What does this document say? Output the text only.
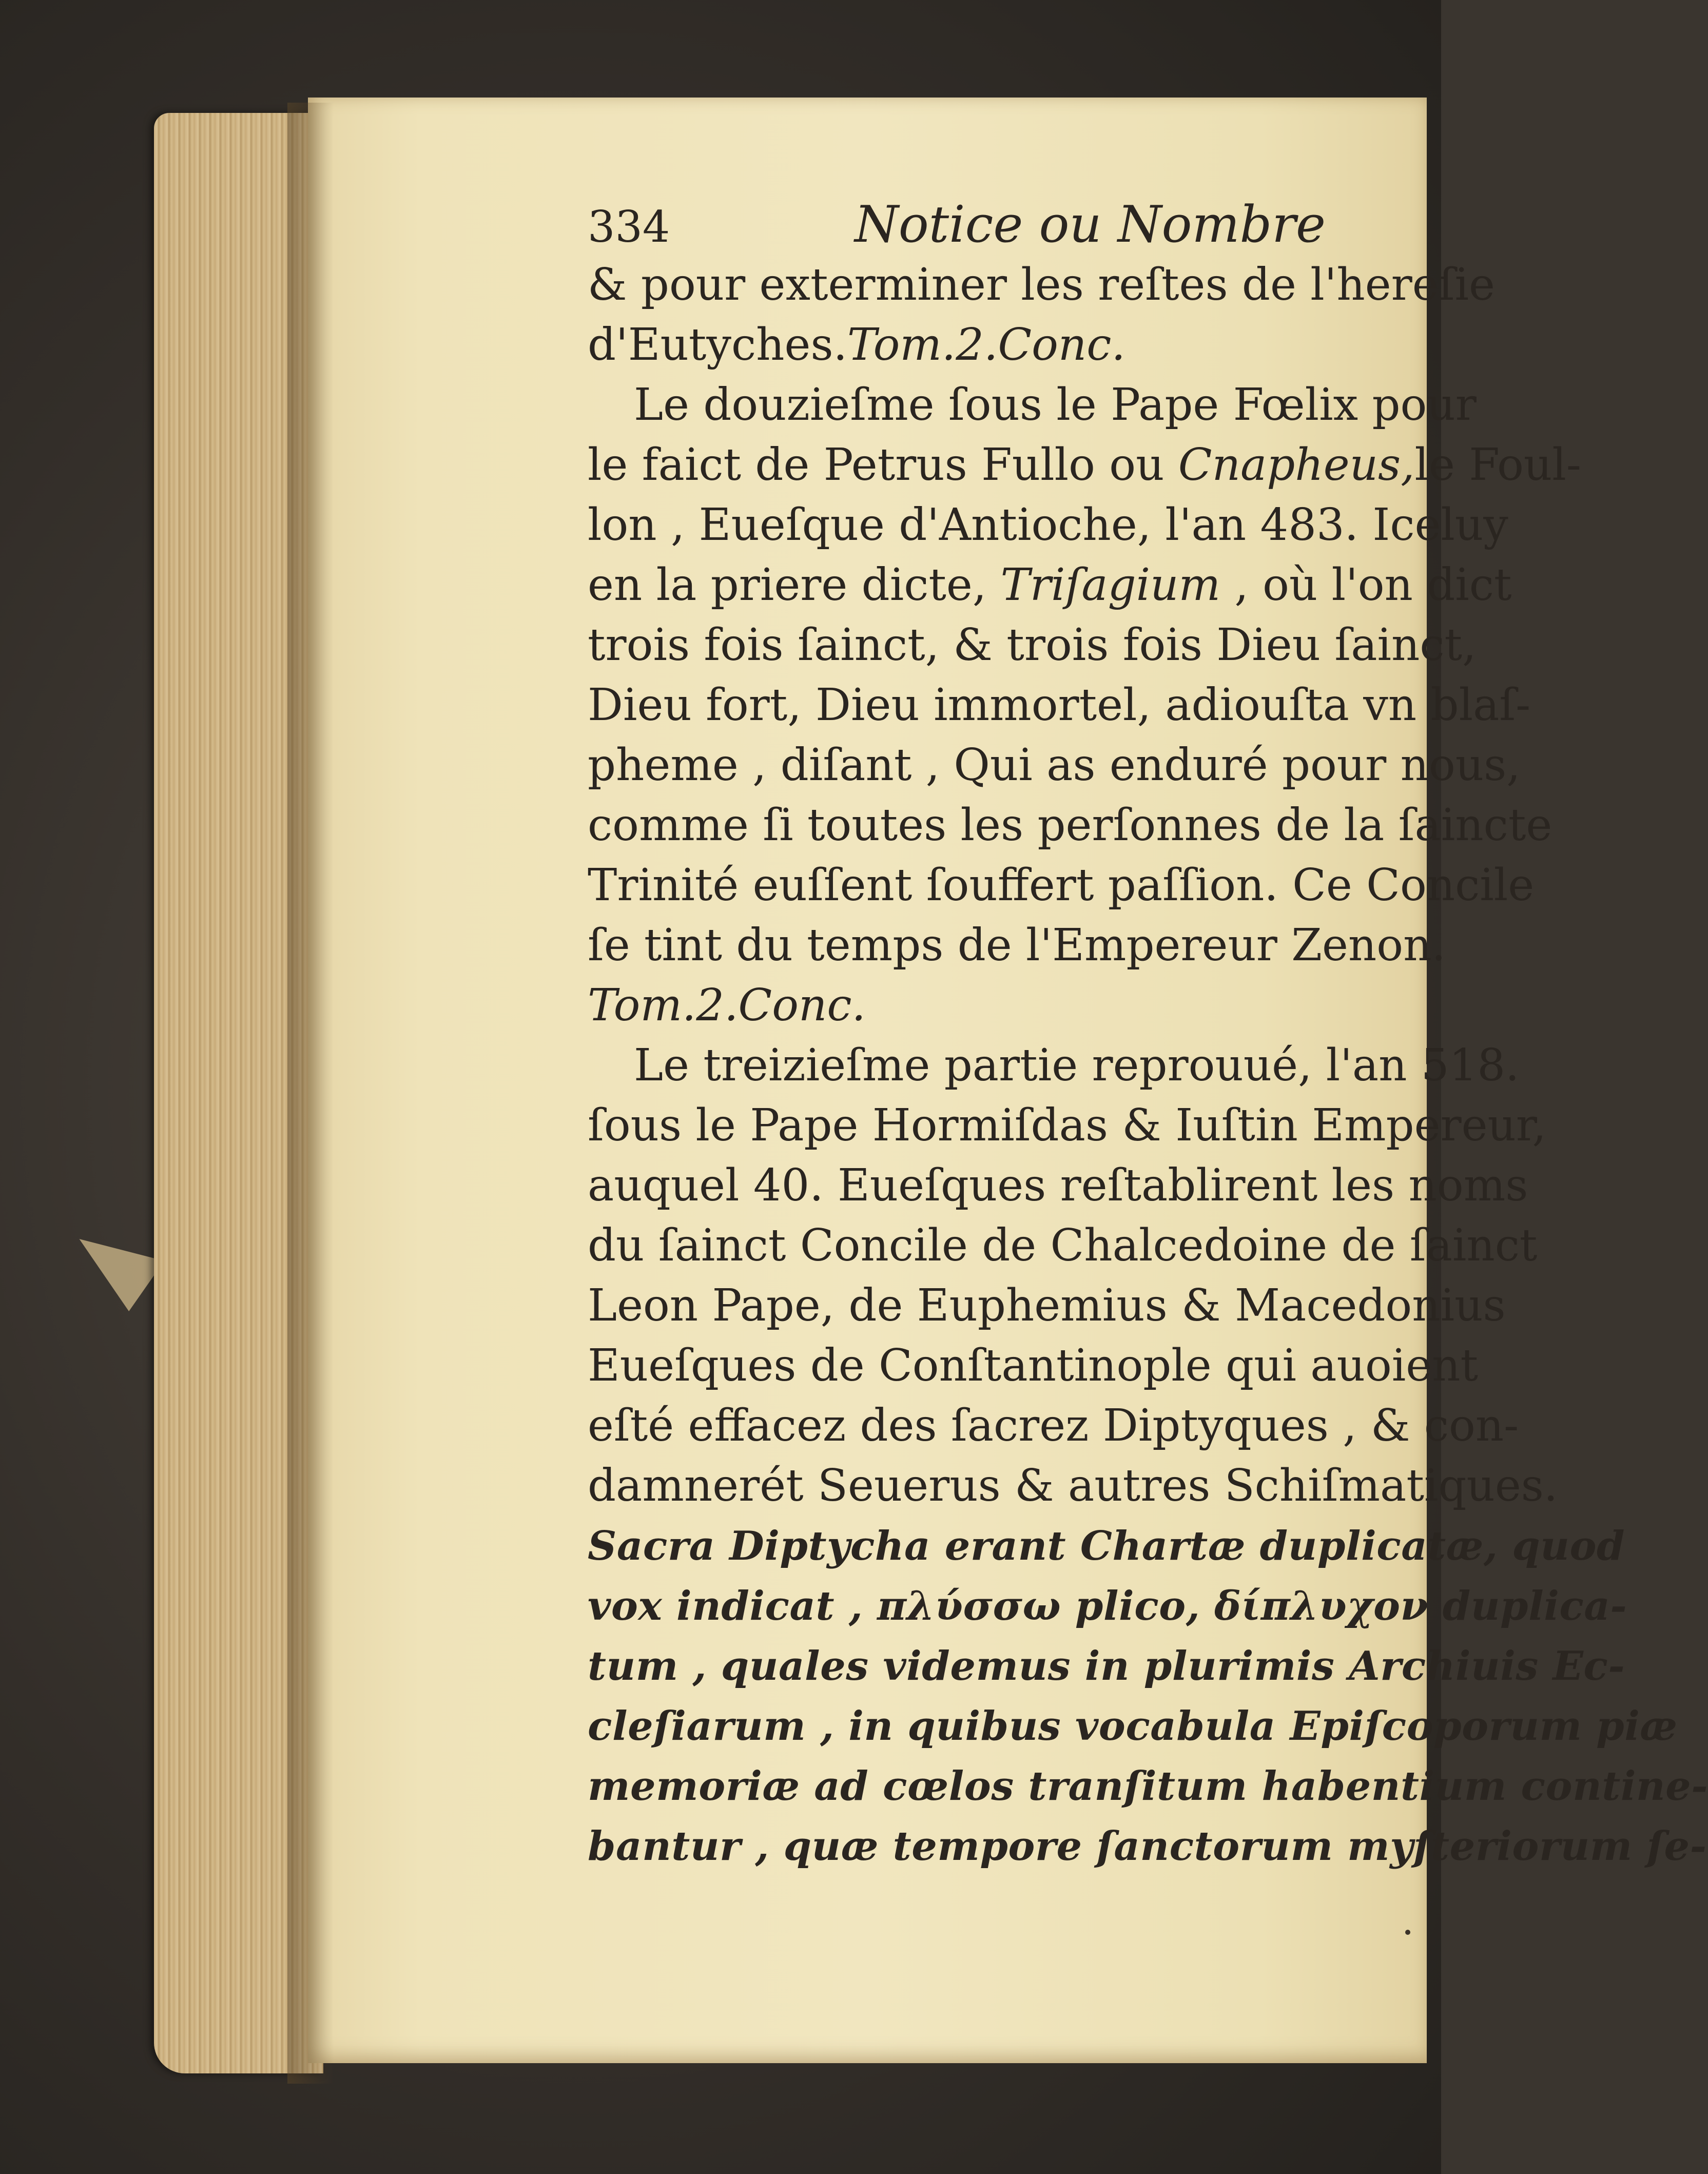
334	Notice ou Nombre
& pour exterminer les reſtes de l'hereſie
d'Eutyches.Tom.2.Conc.
Le douzieſme ſous le Pape Fœlix pour
le faict de Petrus Fullo ou Cnapheus,le Foul-
lon , Eueſque d'Antioche, l'an 483. Iceluy
en la priere dicte, Triſagium , où l'on dict
trois fois ſainct, & trois fois Dieu ſainct,
Dieu fort, Dieu immortel, adiouſta vn blaſ-
pheme , diſant , Qui as enduré pour nous,
comme ſi toutes les perſonnes de la ſaincte
Trinité euſſent ſouffert paſſion. Ce Concile
ſe tint du temps de l'Empereur Zenon.
Tom.2.Conc.
Le treizieſme partie reprouué, l'an 518.
ſous le Pape Hormiſdas & Iuſtin Empereur,
auquel 40. Eueſques reſtablirent les noms
du ſainct Concile de Chalcedoine de ſainct
Leon Pape, de Euphemius & Macedonius
Eueſques de Conſtantinople qui auoient
eſté effacez des ſacrez Diptyques , & con-
damnerét Seuerus & autres Schiſmatiques.
Sacra Diptycha erant Chartæ duplicatæ, quod
vox indicat , πλύσσω plico, δίπλυχον duplica-
tum , quales videmus in plurimis Archiuis Ec-
cleſiarum , in quibus vocabula Epiſcoporum piæ
memoriæ ad cœlos tranſitum habentium contine-
bantur , quæ tempore ſanctorum myſteriorum ſe-
